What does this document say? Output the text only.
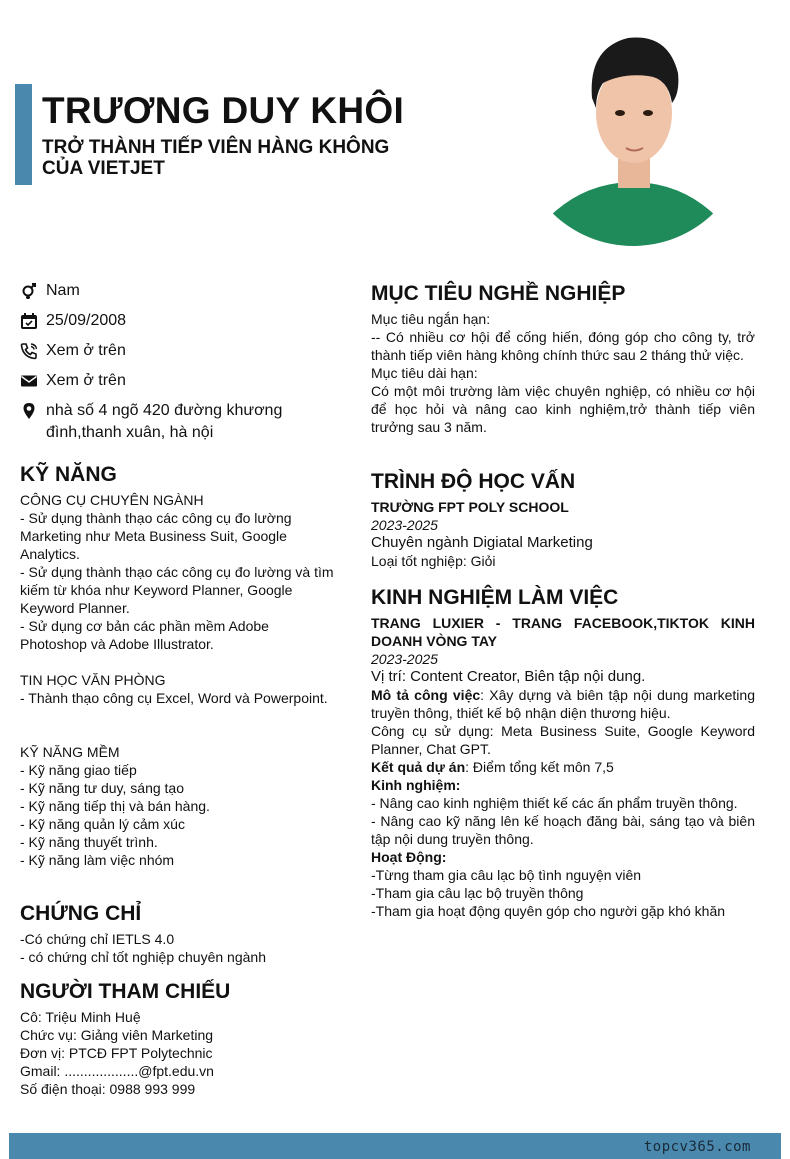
TRƯƠNG DUY KHÔI
TRỞ THÀNH TIẾP VIÊN HÀNG KHÔNG CỦA VIETJET
Nam
25/09/2008
Xem ở trên
Xem ở trên
nhà số 4 ngõ 420 đường khương đình,thanh xuân, hà nội
KỸ NĂNG
CÔNG CỤ CHUYÊN NGÀNH
- Sử dụng thành thạo các công cụ đo lường Marketing như Meta Business Suit, Google Analytics.
- Sử dụng thành thạo các công cụ đo lường và tìm kiếm từ khóa như Keyword Planner, Google Keyword Planner.
- Sử dụng cơ bản các phần mềm Adobe Photoshop và Adobe Illustrator.

TIN HỌC VĂN PHÒNG
- Thành thạo công cụ Excel, Word và Powerpoint.

KỸ NĂNG MỀM
- Kỹ năng giao tiếp
- Kỹ năng tư duy, sáng tạo
- Kỹ năng tiếp thị và bán hàng.
- Kỹ năng quản lý cảm xúc
- Kỹ năng thuyết trình.
- Kỹ năng làm việc nhóm
CHỨNG CHỈ
-Có chứng chỉ IETLS 4.0
- có chứng chỉ tốt nghiệp chuyên ngành
NGƯỜI THAM CHIẾU
Cô: Triệu Minh Huệ
Chức vụ: Giảng viên Marketing
Đơn vị: PTCĐ FPT Polytechnic
Gmail: ...................@fpt.edu.vn
Số điện thoại: 0988 993 999
MỤC TIÊU NGHỀ NGHIỆP
Mục tiêu ngắn hạn:
-- Có nhiều cơ hội để cống hiến, đóng góp cho công ty, trở thành tiếp viên hàng không chính thức sau 2 tháng thử việc.
Mục tiêu dài hạn:
Có một môi trường làm việc chuyên nghiệp, có nhiều cơ hội để học hỏi và nâng cao kinh nghiệm,trở thành tiếp viên trưởng sau 3 năm.
TRÌNH ĐỘ HỌC VẤN
TRƯỜNG FPT POLY SCHOOL
2023-2025
Chuyên ngành Digiatal Marketing
Loại tốt nghiệp: Giỏi
KINH NGHIỆM LÀM VIỆC
TRANG LUXIER - TRANG FACEBOOK,TIKTOK KINH DOANH VÒNG TAY
2023-2025
Vị trí: Content Creator, Biên tập nội dung.
Mô tả công việc: Xây dựng và biên tập nội dung marketing truyền thông, thiết kế bộ nhận diện thương hiệu.
Công cụ sử dụng: Meta Business Suite, Google Keyword Planner, Chat GPT.
Kết quả dự án: Điểm tổng kết môn 7,5
Kinh nghiệm:
- Nâng cao kinh nghiệm thiết kế các ấn phẩm truyền thông.
- Nâng cao kỹ năng lên kế hoạch đăng bài, sáng tạo và biên tập nội dung truyền thông.
Hoạt Động:
-Từng tham gia câu lạc bộ tình nguyện viên
-Tham gia câu lạc bộ truyền thông
-Tham gia hoạt động quyên góp cho người gặp khó khăn
topcv365.com
